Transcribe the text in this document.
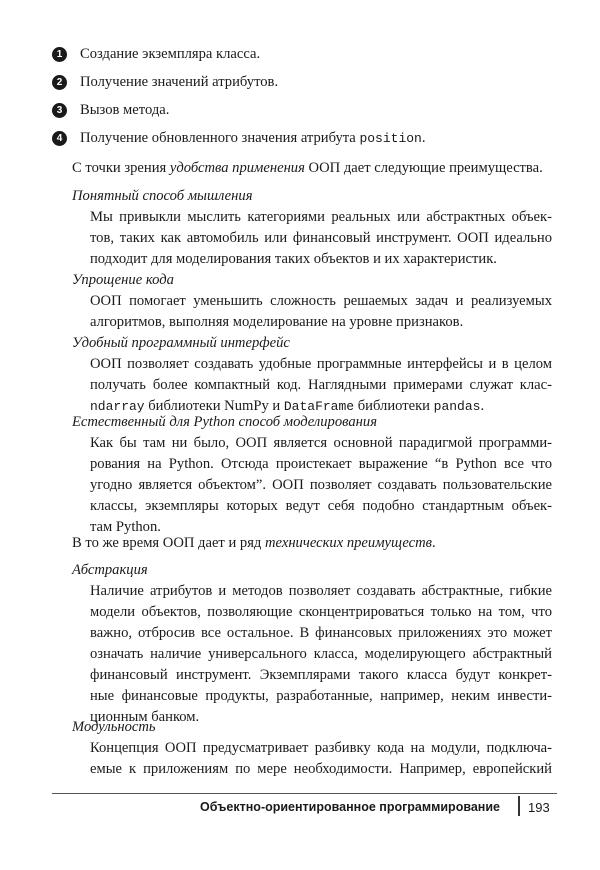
1	Создание экземпляра класса.
2	Получение значений атрибутов.
3	Вызов метода.
4	Получение обновленного значения атрибута position .
С точки зрения удобства применения ООП дает следующие преимущества.
Понятный способ мышления
Мы привыкли мыслить категориями реальных или абстрактных объек-
тов, таких как автомобиль или финансовый инструмент. ООП идеально
подходит для моделирования таких объектов и их характеристик.
Упрощение кода
ООП помогает уменьшить сложность решаемых задач и реализуемых
алгоритмов, выполняя моделирование на уровне признаков.
Удобный программный интерфейс
ООП позволяет создавать удобные программные интерфейсы и в целом
получать более компактный код. Наглядными примерами служат клас-
ndarray библиотеки NumPy и DataFrame библиотеки pandas.
Естественный для Python способ моделирования
Как бы там ни было, ООП является основной парадигмой программи-
рования на Python. Отсюда проистекает выражение “в Python все что
угодно является объектом”. ООП позволяет создавать пользовательские
классы, экземпляры которых ведут себя подобно стандартным объек-
там Python.
В то же время ООП дает и ряд технических преимуществ.
Абстракция
Наличие атрибутов и методов позволяет создавать абстрактные, гибкие
модели объектов, позволяющие сконцентрироваться только на том, что
важно, отбросив все остальное. В финансовых приложениях это может
означать наличие универсального класса, моделирующего абстрактный
финансовый инструмент. Экземплярами такого класса будут конкрет-
ные финансовые продукты, разработанные, например, неким инвести-
ционным банком.
Модульность
Концепция ООП предусматривает разбивку кода на модули, подключа-
емые к приложениям по мере необходимости. Например, европейский
Объектно-ориентированное программирование 193
